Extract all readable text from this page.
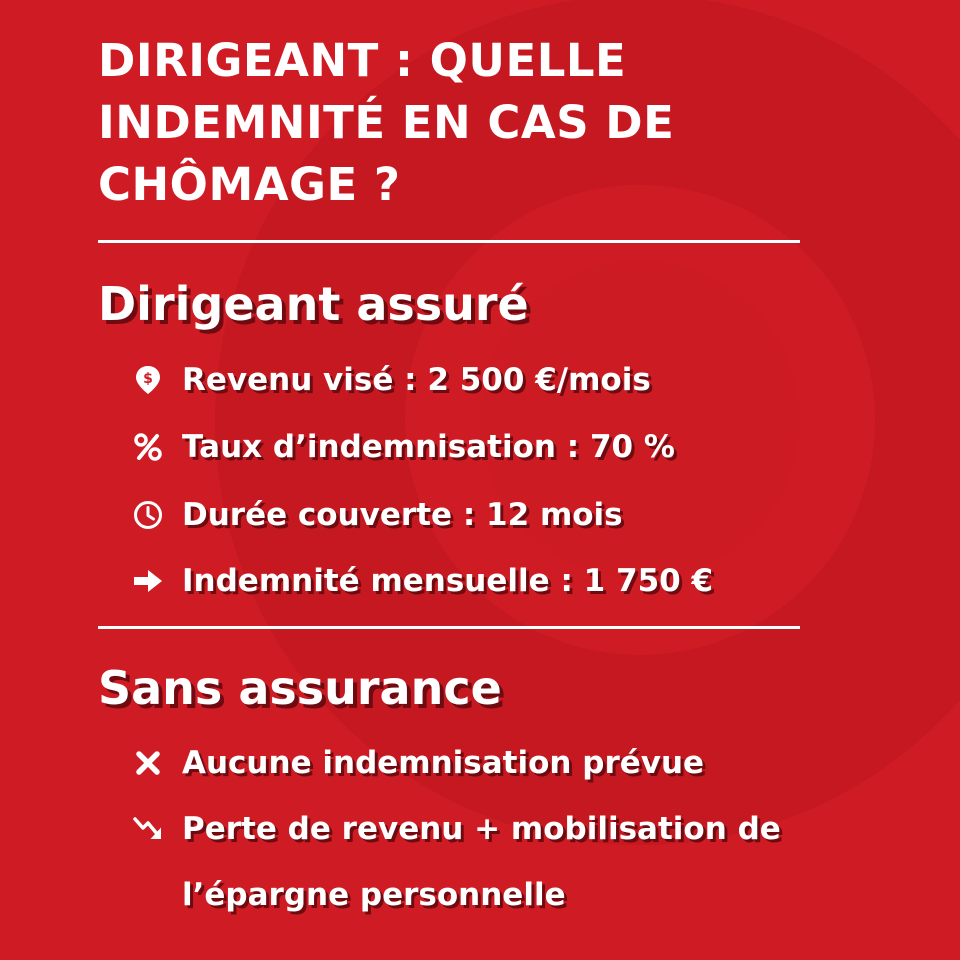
DIRIGEANT : QUELLE INDEMNITÉ EN CAS DE CHÔMAGE ?
Dirigeant assuré
$ Revenu visé : 2 500 €/mois
Taux d’indemnisation : 70 %
Durée couverte : 12 mois
Indemnité mensuelle : 1 750 €
Sans assurance
Aucune indemnisation prévue
Perte de revenu + mobilisation de
l’épargne personnelle
